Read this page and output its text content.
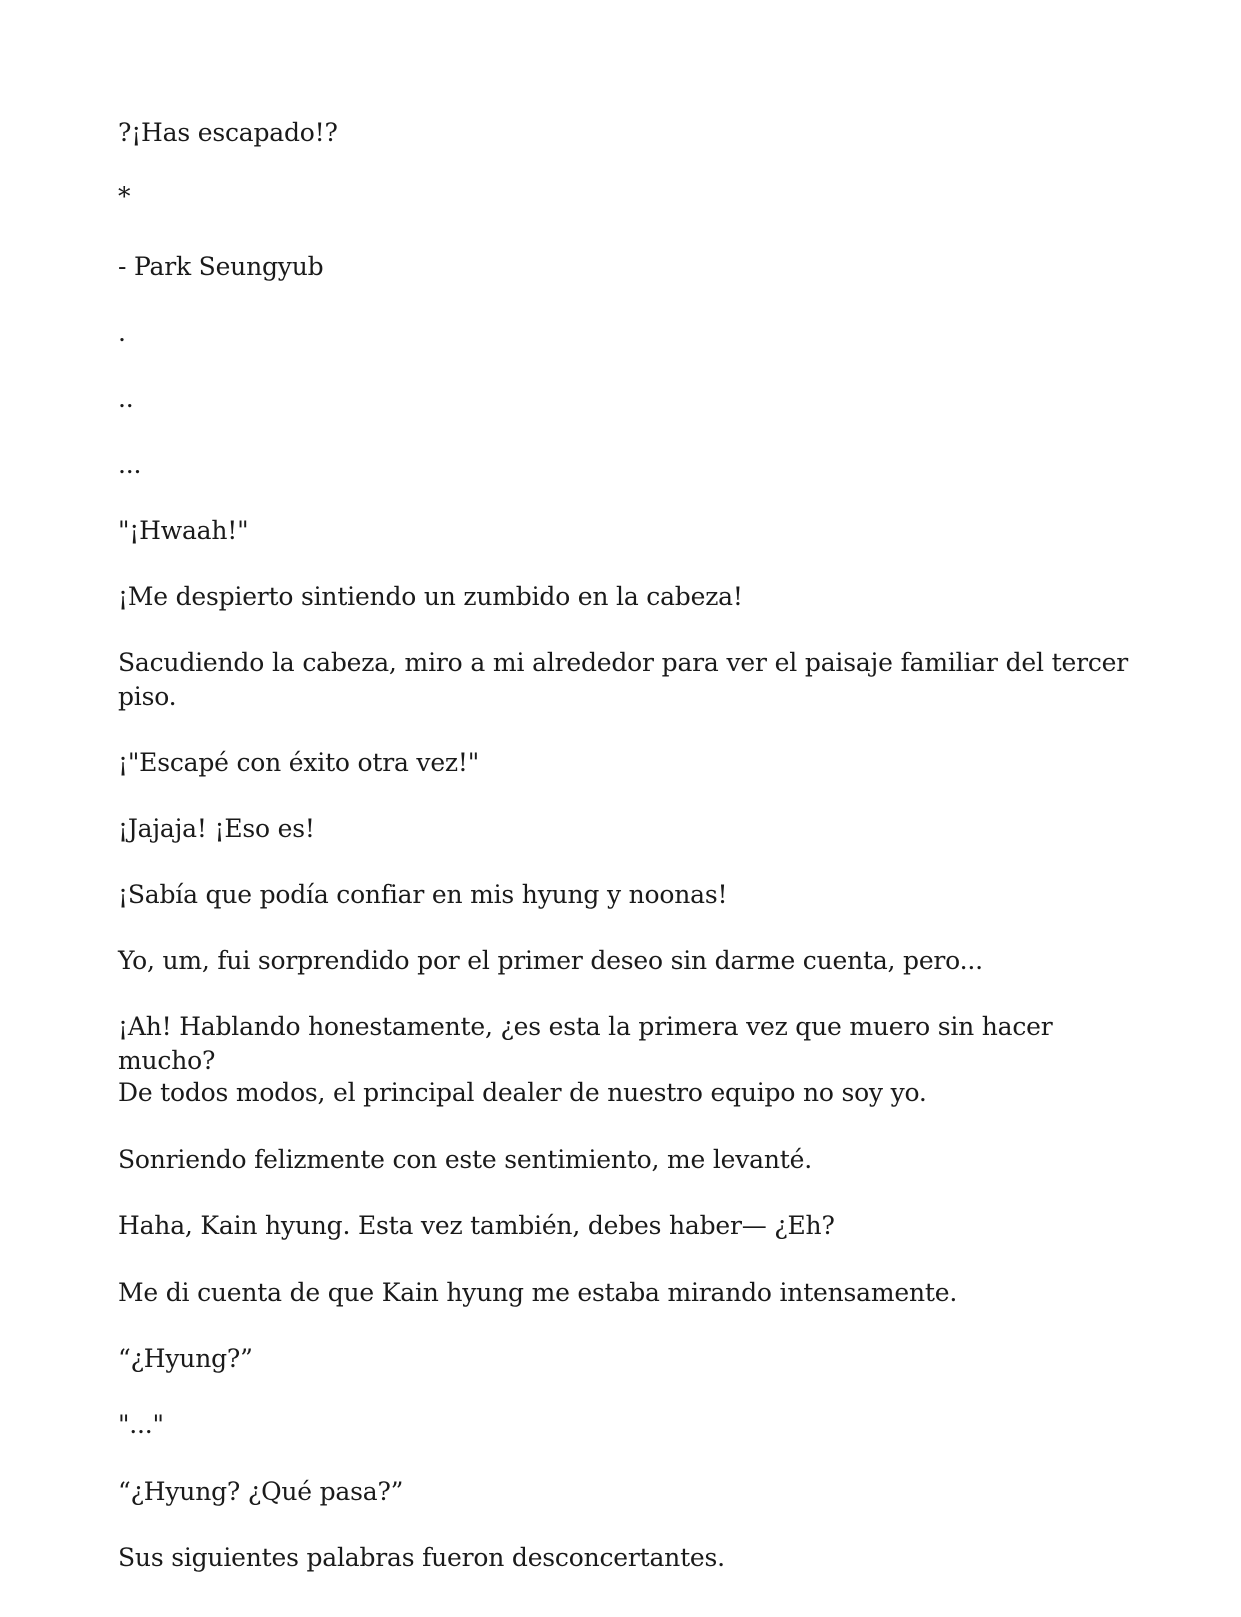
?¡Has escapado!?

*

- Park Seungyub

.

..

...

"¡Hwaah!"

¡Me despierto sintiendo un zumbido en la cabeza!

Sacudiendo la cabeza, miro a mi alrededor para ver el paisaje familiar del tercer piso.

¡"Escapé con éxito otra vez!"

¡Jajaja! ¡Eso es!

¡Sabía que podía confiar en mis hyung y noonas!

Yo, um, fui sorprendido por el primer deseo sin darme cuenta, pero...

¡Ah! Hablando honestamente, ¿es esta la primera vez que muero sin hacer mucho?

De todos modos, el principal dealer de nuestro equipo no soy yo.

Sonriendo felizmente con este sentimiento, me levanté.

Haha, Kain hyung. Esta vez también, debes haber— ¿Eh?

Me di cuenta de que Kain hyung me estaba mirando intensamente.

“¿Hyung?”

"..."

“¿Hyung? ¿Qué pasa?”

Sus siguientes palabras fueron desconcertantes.
